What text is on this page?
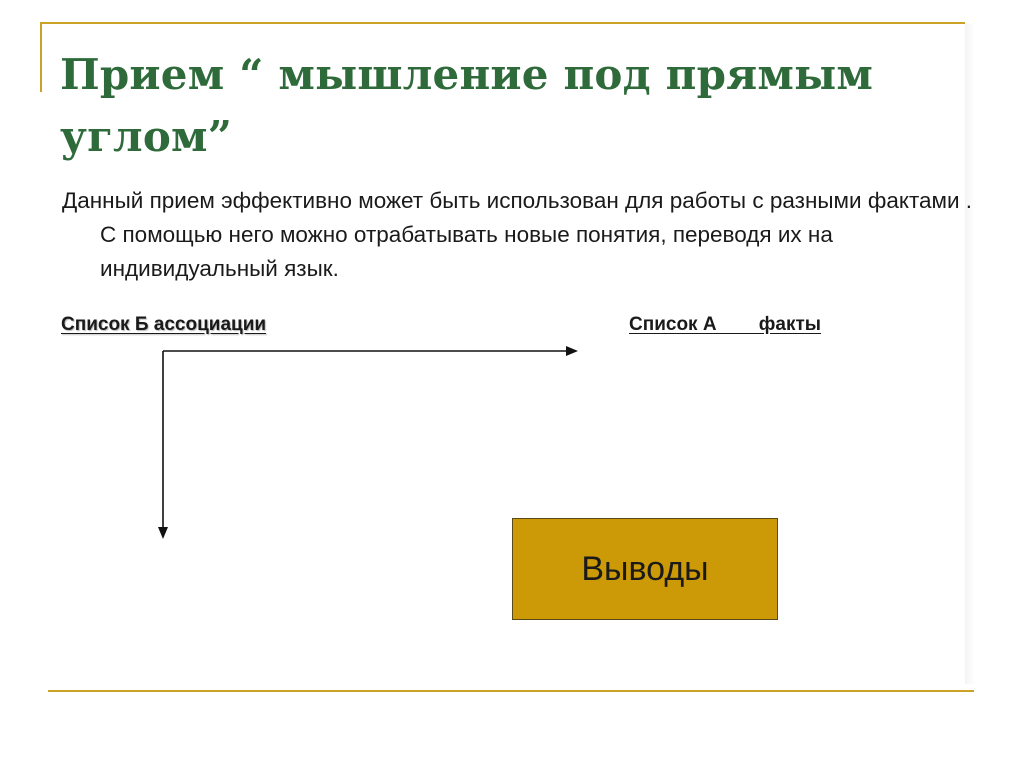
Прием “ мышление под прямым углом”

Данный прием эффективно может быть использован для работы с разными фактами . С помощью него можно отрабатывать новые понятия, переводя их на индивидуальный язык.

Список Б ассоциации	Список А        факты
Выводы
